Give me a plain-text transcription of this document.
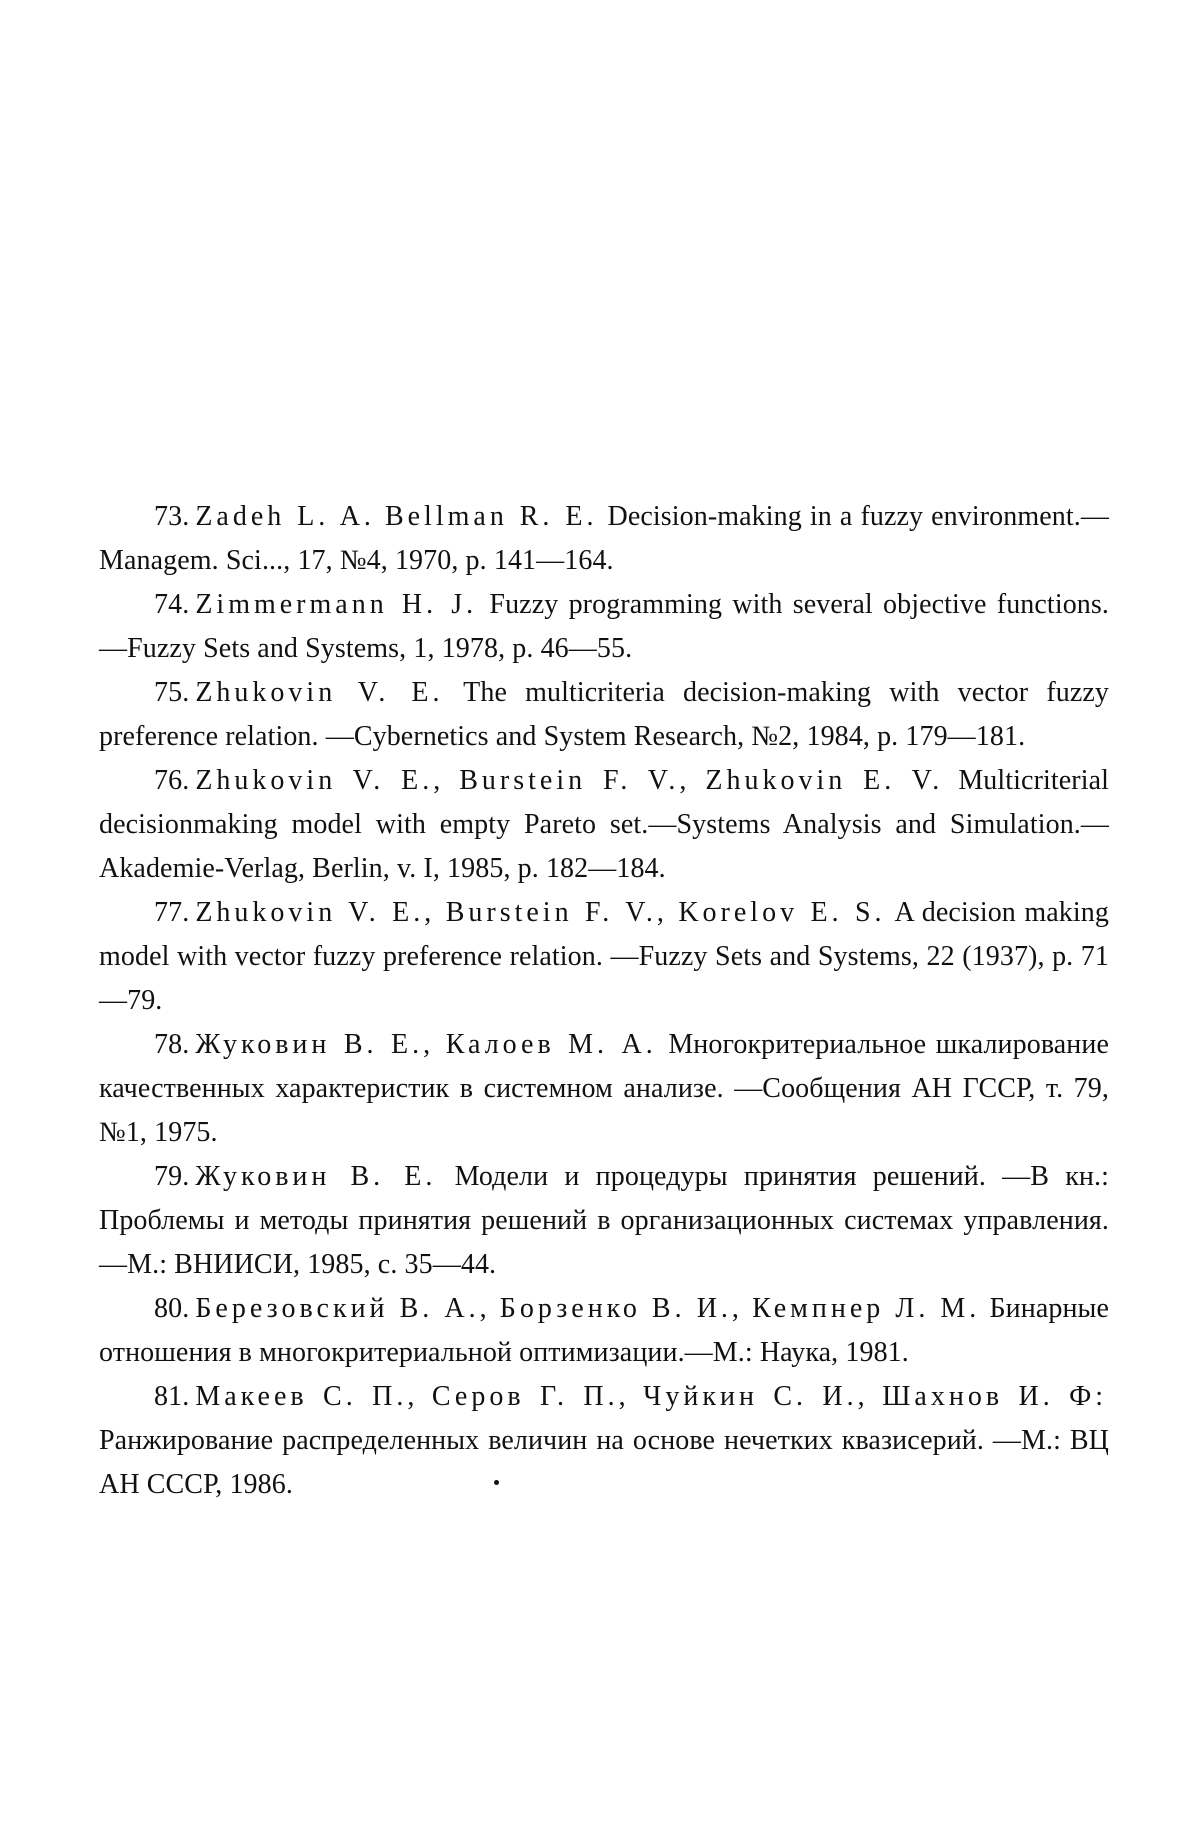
73. Zadeh L. A. Bellman R. E. Decision-making in a fuzzy environment.—Managem. Sci..., 17, №4, 1970, p. 141—164.

74. Zimmermann H. J. Fuzzy programming with several objective functions.—Fuzzy Sets and Systems, 1, 1978, p. 46—55.

75. Zhukovin V. E. The multicriteria decision-making with vector fuzzy preference relation. —Cybernetics and System Research, №2, 1984, p. 179—181.

76. Zhukovin V. E., Burstein F. V., Zhukovin E. V. Multicriterial decisionmaking model with empty Pareto set.—Systems Analysis and Simulation.—Akademie-Verlag, Berlin, v. I, 1985, p. 182—184.

77. Zhukovin V. E., Burstein F. V., Korelov E. S. A decision making model with vector fuzzy preference relation. —Fuzzy Sets and Systems, 22 (1937), p. 71—79.

78. Жуковин В. Е., Калоев М. А. Многокритериальное шкалирование качественных характеристик в системном анализе. —Сообщения АН ГССР, т. 79, №1, 1975.

79. Жуковин В. Е. Модели и процедуры принятия решений. —В кн.: Проблемы и методы принятия решений в организационных системах управления.—М.: ВНИИСИ, 1985, с. 35—44.

80. Березовский В. А., Борзенко В. И., Кемпнер Л. М. Бинарные отношения в многокритериальной оптимизации.—М.: Наука, 1981.

81. Макеев С. П., Серов Г. П., Чуйкин С. И., Шахнов И. Ф: Ранжирование распределенных величин на основе нечетких квазисерий. —М.: ВЦ АН СССР, 1986.
